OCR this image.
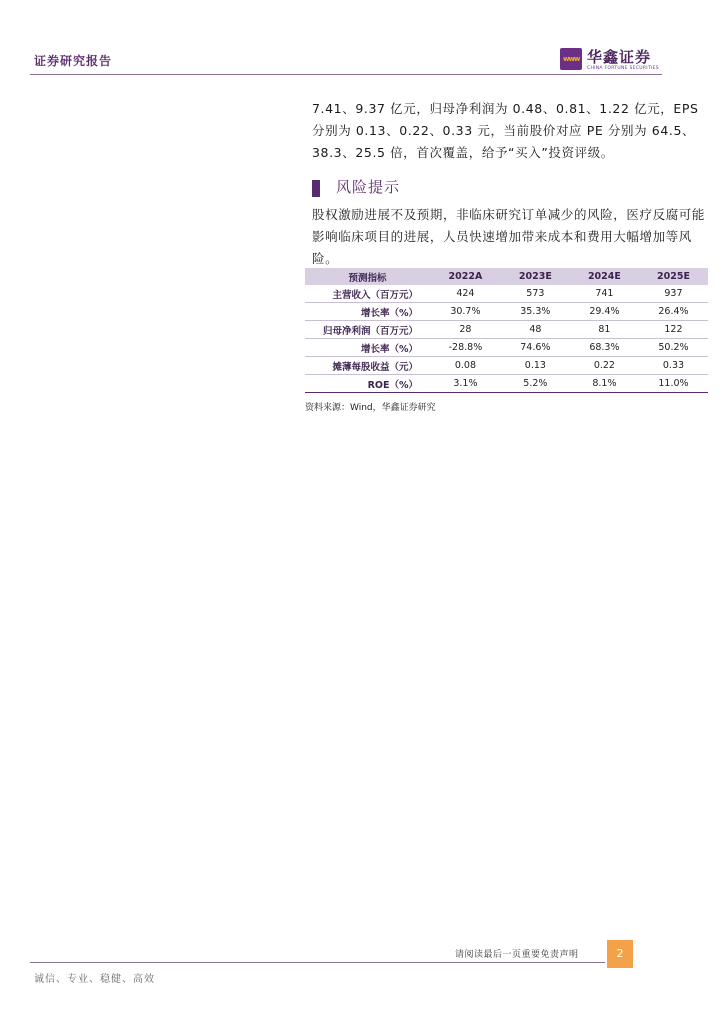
证券研究报告	www 华鑫证券
CHINA FORTUNE SECURITIES
7.41、9.37 亿元，归母净利润为 0.48、0.81、1.22 亿元，EPS 分别为 0.13、0.22、0.33 元，当前股价对应 PE 分别为 64.5、38.3、25.5 倍，首次覆盖，给予“买入”投资评级。
风险提示
股权激励进展不及预期，非临床研究订单减少的风险，医疗反腐可能影响临床项目的进展，人员快速增加带来成本和费用大幅增加等风险。
预测指标	2022A	2023E	2024E	2025E
主营收入（百万元）	424	573	741	937
增长率（%）	30.7%	35.3%	29.4%	26.4%
归母净利润（百万元）	28	48	81	122
增长率（%）	-28.8%	74.6%	68.3%	50.2%
摊薄每股收益（元）	0.08	0.13	0.22	0.33
ROE（%）	3.1%	5.2%	8.1%	11.0%
资料来源：Wind，华鑫证券研究
请阅读最后一页重要免责声明	2
诚信、专业、稳健、高效
